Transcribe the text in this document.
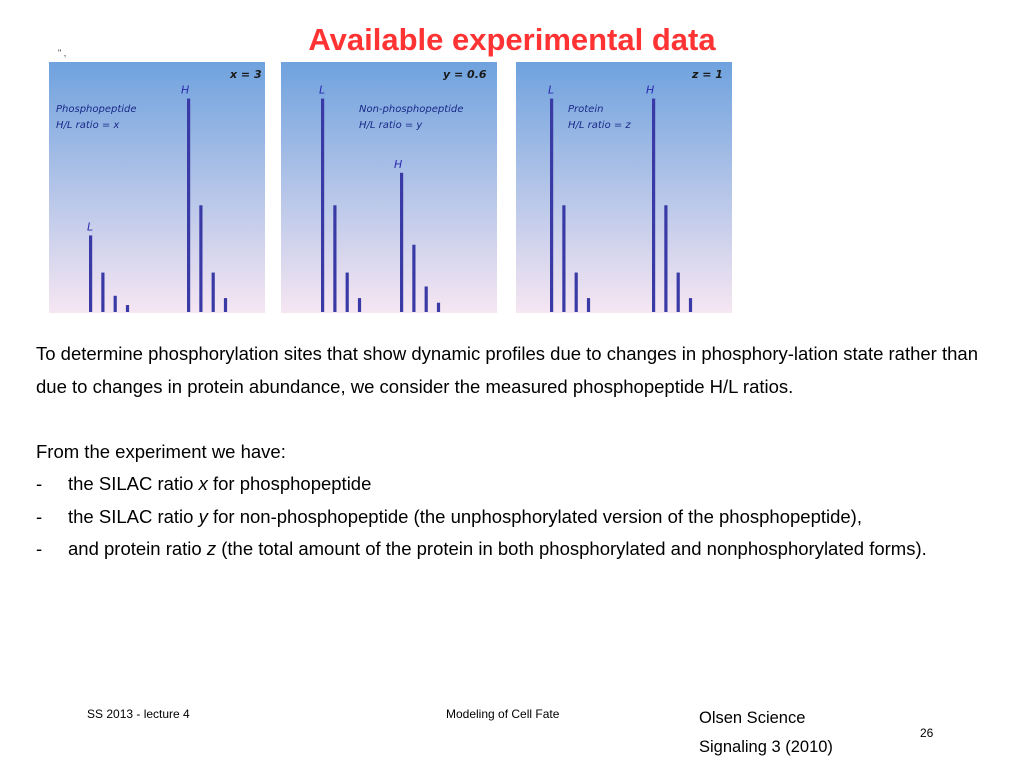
" ,	Available experimental data
x = 3
Phosphopeptide
H/L ratio = x
L
H
y = 0.6
Non-phosphopeptide
H/L ratio = y
L
H
z = 1
Protein
H/L ratio = z
L	H

To determine phosphorylation sites that show dynamic profiles due to changes in phosphory-lation state rather than due to changes in protein abundance, we consider the measured phosphopeptide H/L ratios.

From the experiment we have:

- the SILAC ratio x for phosphopeptide
- the SILAC ratio y for non-phosphopeptide (the unphosphorylated version of the phosphopeptide),
- and protein ratio z (the total amount of the protein in both phosphorylated and nonphosphorylated forms).
SS 2013 - lecture 4	Modeling of Cell Fate	Olsen Science
Signaling 3 (2010)
26
